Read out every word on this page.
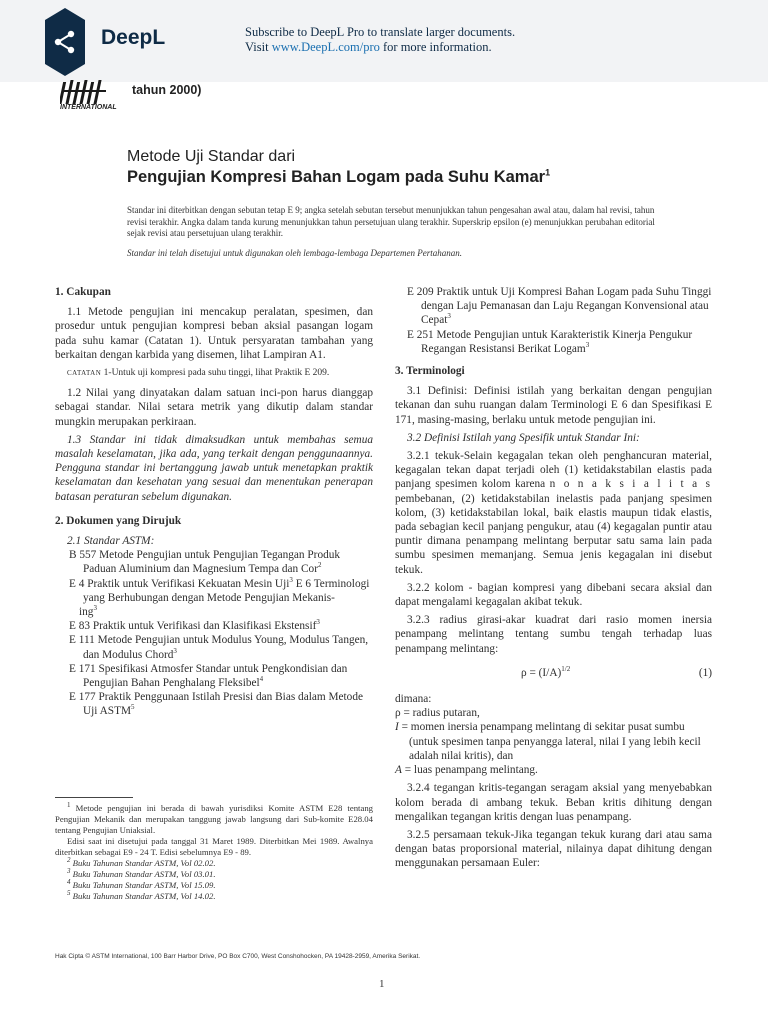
DeepL	Subscribe to DeepL Pro to translate larger documents.
Visit www.DeepL.com/pro for more information.
INTERNATIONAL
tahun 2000)
Metode Uji Standar dari
Pengujian Kompresi Bahan Logam pada Suhu Kamar$^1$
Standar ini diterbitkan dengan sebutan tetap E 9; angka setelah sebutan tersebut menunjukkan tahun pengesahan awal atau, dalam hal revisi, tahun revisi terakhir. Angka dalam tanda kurung menunjukkan tahun persetujuan ulang terakhir. Superskrip epsilon (e) menunjukkan perubahan editorial sejak revisi atau persetujuan ulang terakhir.
Standar ini telah disetujui untuk digunakan oleh lembaga-lembaga Departemen Pertahanan.
1. Cakupan

1.1 Metode pengujian ini mencakup peralatan, spesimen, dan prosedur untuk pengujian kompresi beban aksial pasangan logam pada suhu kamar (Catatan 1). Untuk persyaratan tambahan yang berkaitan dengan karbida yang disemen, lihat Lampiran A1.

CATATAN 1-Untuk uji kompresi pada suhu tinggi, lihat Praktik E 209.

1.2 Nilai yang dinyatakan dalam satuan inci-pon harus dianggap sebagai standar. Nilai setara metrik yang dikutip dalam standar mungkin merupakan perkiraan.

1.3 Standar ini tidak dimaksudkan untuk membahas semua masalah keselamatan, jika ada, yang terkait dengan penggunaannya. Pengguna standar ini bertanggung jawab untuk menetapkan praktik keselamatan dan kesehatan yang sesuai dan menentukan penerapan batasan peraturan sebelum digunakan.

2. Dokumen yang Dirujuk

2.1 Standar ASTM:

B 557 Metode Pengujian untuk Pengujian Tegangan Produk Paduan Aluminium dan Magnesium Tempa dan Cor$^2$

E 4 Praktik untuk Verifikasi Kekuatan Mesin Uji$^3$ E 6 Terminologi yang Berhubungan dengan Metode Pengujian Mekanis-

ing$^3$

E 83 Praktik untuk Verifikasi dan Klasifikasi Ekstensif$^3$

E 111 Metode Pengujian untuk Modulus Young, Modulus Tangen, dan Modulus Chord$^3$

E 171 Spesifikasi Atmosfer Standar untuk Pengkondisian dan Pengujian Bahan Penghalang Fleksibel$^4$

E 177 Praktik Penggunaan Istilah Presisi dan Bias dalam Metode Uji ASTM$^5$

$^1$ Metode pengujian ini berada di bawah yurisdiksi Komite ASTM E28 tentang Pengujian Mekanik dan merupakan tanggung jawab langsung dari Sub-komite E28.04 tentang Pengujian Uniaksial.
Edisi saat ini disetujui pada tanggal 31 Maret 1989. Diterbitkan Mei 1989. Awalnya diterbitkan sebagai E9 - 24 T. Edisi sebelumnya E9 - 89.
$^2$ Buku Tahunan Standar ASTM, Vol 02.02.
$^3$ Buku Tahunan Standar ASTM, Vol 03.01.
$^4$ Buku Tahunan Standar ASTM, Vol 15.09.
$^5$ Buku Tahunan Standar ASTM, Vol 14.02.

E 209 Praktik untuk Uji Kompresi Bahan Logam pada Suhu Tinggi dengan Laju Pemanasan dan Laju Regangan Konvensional atau Cepat$^3$

E 251 Metode Pengujian untuk Karakteristik Kinerja Pengukur Regangan Resistansi Berikat Logam$^3$

3. Terminologi

3.1 Definisi: Definisi istilah yang berkaitan dengan pengujian tekanan dan suhu ruangan dalam Terminologi E 6 dan Spesifikasi E 171, masing-masing, berlaku untuk metode pengujian ini.

3.2 Definisi Istilah yang Spesifik untuk Standar Ini:

3.2.1 tekuk-Selain kegagalan tekan oleh penghancuran material, kegagalan tekan dapat terjadi oleh (1) ketidakstabilan elastis pada panjang spesimen kolom karena n o n a k s i a l i t a s pembebanan, (2) ketidakstabilan inelastis pada panjang spesimen kolom, (3) ketidakstabilan lokal, baik elastis maupun tidak elastis, pada sebagian kecil panjang pengukur, atau (4) kegagalan puntir atau puntir dimana penampang melintang berputar satu sama lain pada sumbu spesimen memanjang. Semua jenis kegagalan ini disebut tekuk.

3.2.2 kolom - bagian kompresi yang dibebani secara aksial dan dapat mengalami kegagalan akibat tekuk.

3.2.3 radius girasi-akar kuadrat dari rasio momen inersia penampang melintang tentang sumbu tengah terhadap luas penampang melintang:

$\rho = (I/A)^{1/2}$	(1)
dimana:
ρ = radius putaran,
I = momen inersia penampang melintang di sekitar pusat sumbu (untuk spesimen tanpa penyangga lateral, nilai I yang lebih kecil adalah nilai kritis), dan
A = luas penampang melintang.

3.2.4 tegangan kritis-tegangan seragam aksial yang menyebabkan kolom berada di ambang tekuk. Beban kritis dihitung dengan mengalikan tegangan kritis dengan luas penampang.

3.2.5 persamaan tekuk-Jika tegangan tekuk kurang dari atau sama dengan batas proporsional material, nilainya dapat dihitung dengan menggunakan persamaan Euler:

Hak Cipta © ASTM International, 100 Barr Harbor Drive, PO Box C700, West Conshohocken, PA 19428-2959, Amerika Serikat.
1
